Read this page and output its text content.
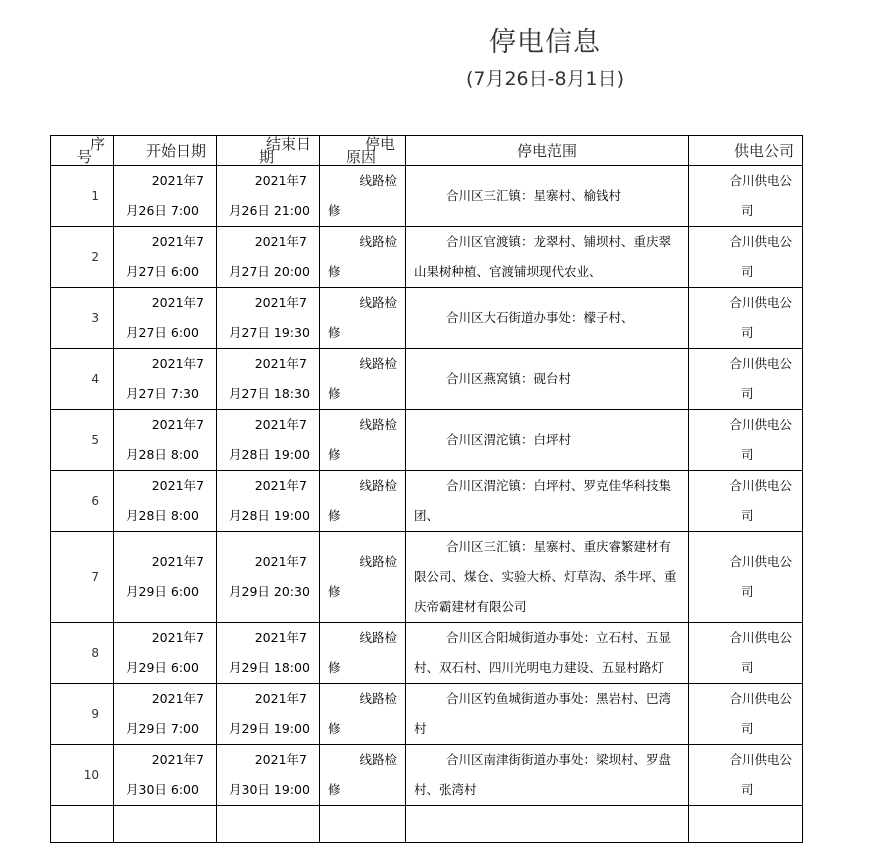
停电信息
(7月26日-8月1日)
序
号	开始日期	结束日
期

停电
原因	停电范围	供电公司

1	2021年7
月26日 7:00	2021年7
月26日 21:00	线路检
修	合川区三汇镇：星寨村、榆钱村	合川供电公
司

2	2021年7
月27日 6:00	2021年7
月27日 20:00	线路检
修	合川区官渡镇：龙翠村、铺坝村、重庆翠山果树种植、官渡铺坝现代农业、	合川供电公
司

3	2021年7
月27日 6:00	2021年7
月27日 19:30	线路检
修	合川区大石街道办事处：檬子村、	合川供电公
司

4	2021年7
月27日 7:30	2021年7
月27日 18:30	线路检
修	合川区燕窝镇：砚台村	合川供电公
司

5	2021年7
月28日 8:00	2021年7
月28日 19:00	线路检
修	合川区渭沱镇：白坪村	合川供电公
司

6	2021年7
月28日 8:00	2021年7
月28日 19:00	线路检
修	合川区渭沱镇：白坪村、罗克佳华科技集团、	合川供电公
司

7	2021年7
月29日 6:00	2021年7
月29日 20:30	线路检
修	合川区三汇镇：星寨村、重庆睿繁建材有限公司、煤仓、实验大桥、灯草沟、杀牛坪、重庆帝霸建材有限公司	合川供电公
司

8	2021年7
月29日 6:00	2021年7
月29日 18:00	线路检
修	合川区合阳城街道办事处：立石村、五显村、双石村、四川光明电力建设、五显村路灯	合川供电公
司

9	2021年7
月29日 7:00	2021年7
月29日 19:00	线路检
修	合川区钓鱼城街道办事处：黑岩村、巴湾村	合川供电公
司

10	2021年7
月30日 6:00	2021年7
月30日 19:00	线路检
修	合川区南津街街道办事处：梁坝村、罗盘村、张湾村	合川供电公
司
